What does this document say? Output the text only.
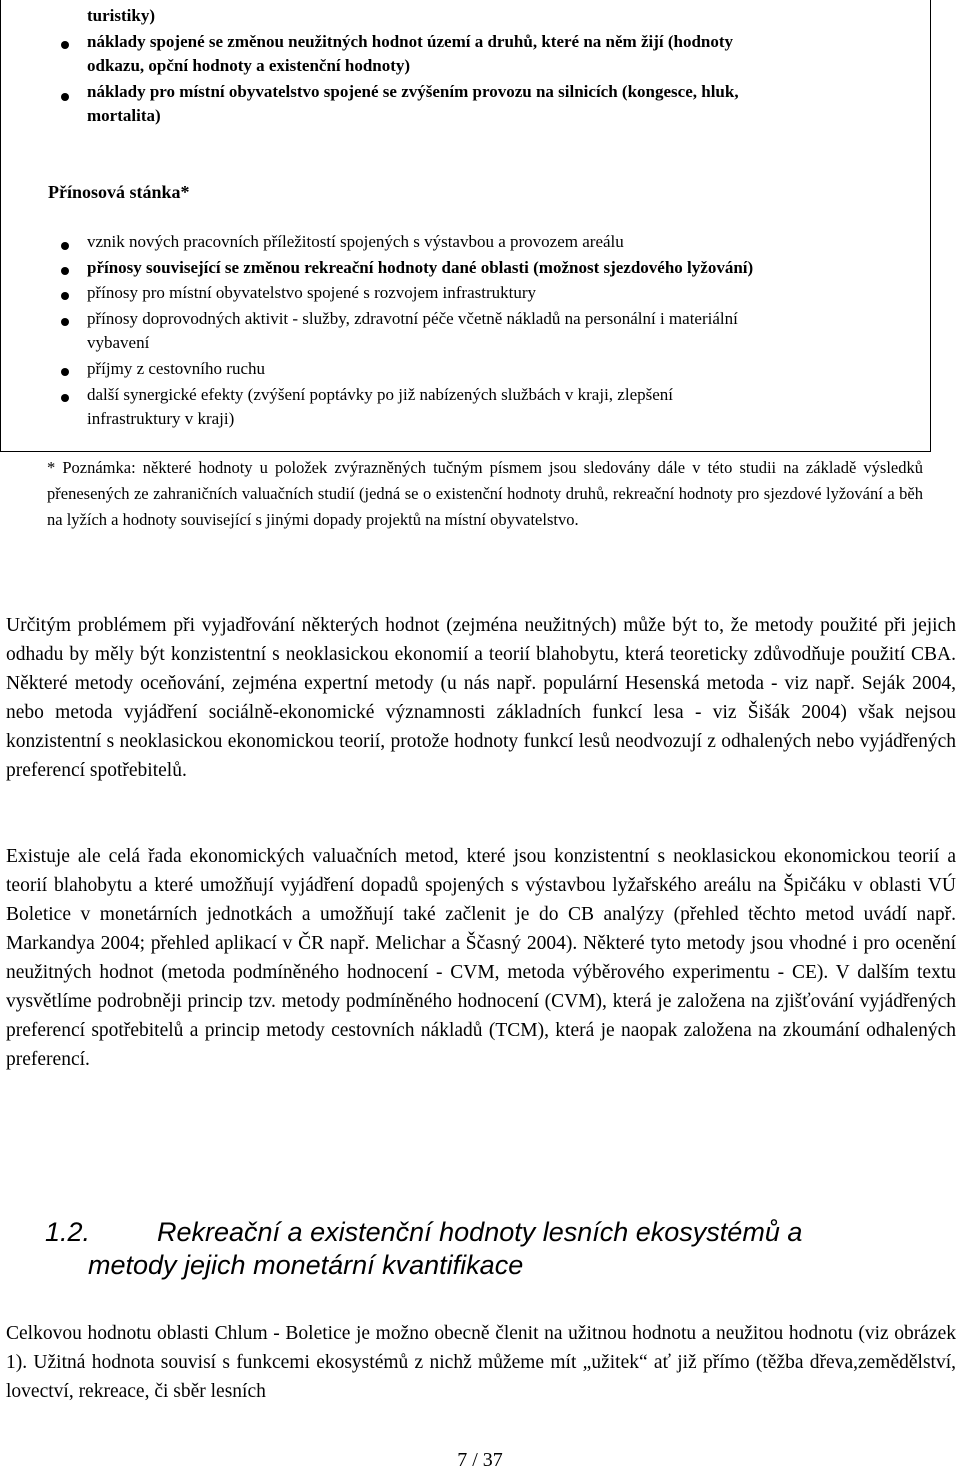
turistiky)
náklady spojené se změnou neužitných hodnot území a druhů, které na něm žijí (hodnoty
odkazu, opční hodnoty a existenční hodnoty)
náklady pro místní obyvatelstvo spojené se zvýšením provozu na silnicích (kongesce, hluk,
mortalita)
Přínosová stánka*
vznik nových pracovních příležitostí spojených s výstavbou a provozem areálu
přínosy související se změnou rekreační hodnoty dané oblasti (možnost sjezdového lyžování)
přínosy pro místní obyvatelstvo spojené s rozvojem infrastruktury
přínosy doprovodných aktivit - služby, zdravotní péče včetně nákladů na personální i materiální
vybavení
příjmy z cestovního ruchu
další synergické efekty (zvýšení poptávky po již nabízených službách v kraji, zlepšení
infrastruktury v kraji)
* Poznámka: některé hodnoty u položek zvýrazněných tučným písmem jsou sledovány dále v této studii na základě výsledků přenesených ze zahraničních valuačních studií (jedná se o existenční hodnoty druhů, rekreační hodnoty pro sjezdové lyžování a běh na lyžích a hodnoty související s jinými dopady projektů na místní obyvatelstvo.
Určitým problémem při vyjadřování některých hodnot (zejména neužitných) může být to, že metody použité při jejich odhadu by měly být konzistentní s neoklasickou ekonomií a teorií blahobytu, která teoreticky zdůvodňuje použití CBA. Některé metody oceňování, zejména expertní metody (u nás např. populární Hesenská metoda - viz např. Seják 2004, nebo metoda vyjádření sociálně-ekonomické významnosti základních funkcí lesa - viz Šišák 2004) však nejsou konzistentní s neoklasickou ekonomickou teorií, protože hodnoty funkcí lesů neodvozují z odhalených nebo vyjádřených preferencí spotřebitelů.
Existuje ale celá řada ekonomických valuačních metod, které jsou konzistentní s neoklasickou ekonomickou teorií a teorií blahobytu a které umožňují vyjádření dopadů spojených s výstavbou lyžařského areálu na Špičáku v oblasti VÚ Boletice v monetárních jednotkách a umožňují také začlenit je do CB analýzy (přehled těchto metod uvádí např. Markandya 2004; přehled aplikací v ČR např. Melichar a Ščasný 2004). Některé tyto metody jsou vhodné i pro ocenění neužitných hodnot (metoda podmíněného hodnocení - CVM, metoda výběrového experimentu - CE). V dalším textu vysvětlíme podrobněji princip tzv. metody podmíněného hodnocení (CVM), která je založena na zjišťování vyjádřených preferencí spotřebitelů a princip metody cestovních nákladů (TCM), která je naopak založena na zkoumání odhalených preferencí.
1.2. Rekreační a existenční hodnoty lesních ekosystémů a
metody jejich monetární kvantifikace
Celkovou hodnotu oblasti Chlum - Boletice je možno obecně členit na užitnou hodnotu a neužitou hodnotu (viz obrázek 1). Užitná hodnota souvisí s funkcemi ekosystémů z nichž můžeme mít „užitek“ ať již přímo (těžba dřeva,zemědělství, lovectví, rekreace, či sběr lesních
7 / 37
